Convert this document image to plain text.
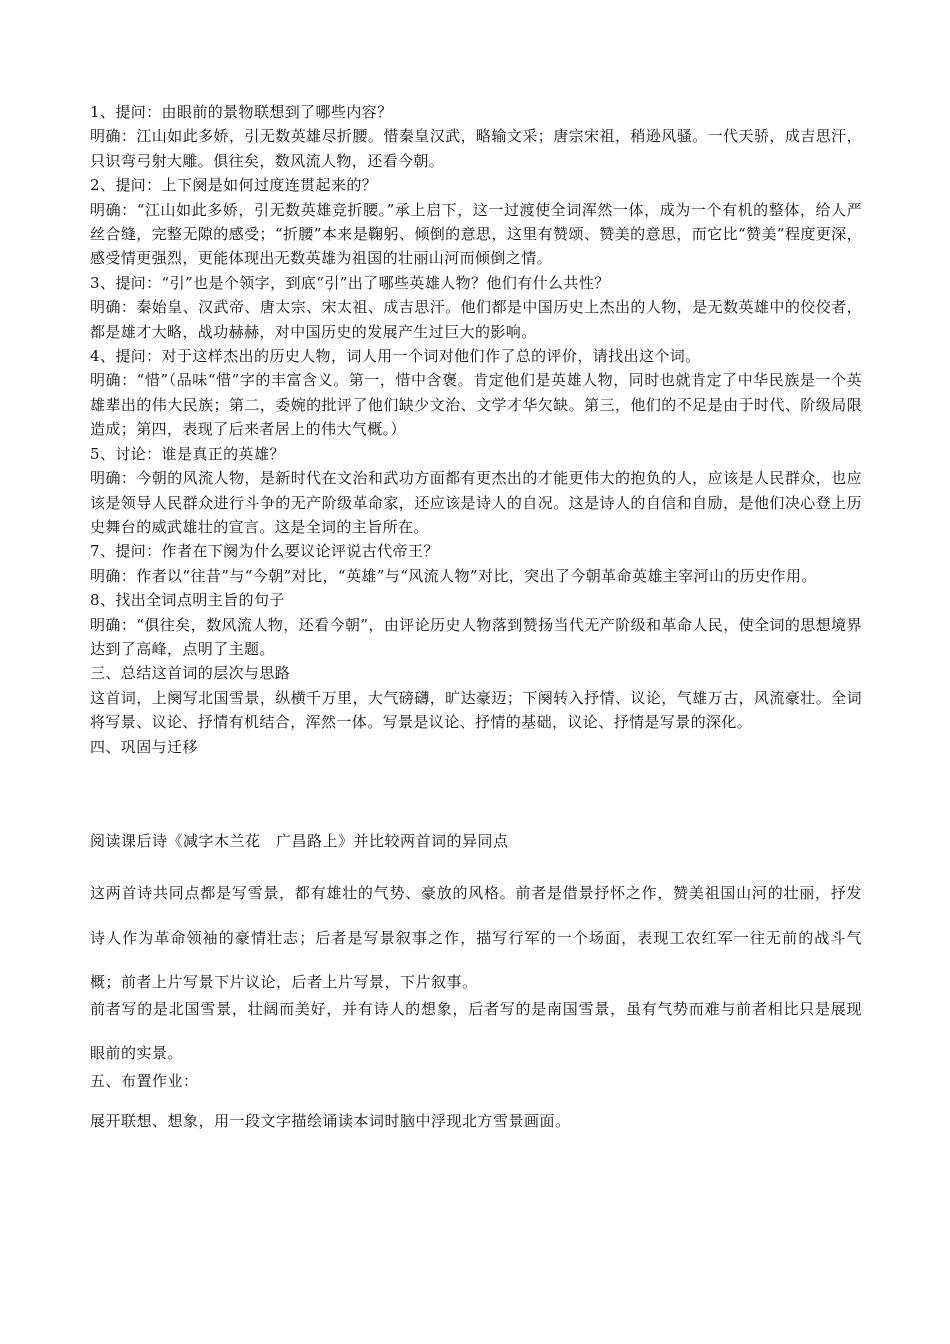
1、提问：由眼前的景物联想到了哪些内容？

明确：江山如此多娇，引无数英雄尽折腰。惜秦皇汉武，略输文采；唐宗宋祖，稍逊风骚。一代天骄，成吉思汗，只识弯弓射大雕。俱往矣，数风流人物，还看今朝。

2、提问：上下阕是如何过度连贯起来的？

明确：“江山如此多娇，引无数英雄竞折腰。”承上启下，这一过渡使全词浑然一体，成为一个有机的整体，给人严丝合缝，完整无隙的感受；“折腰”本来是鞠躬、倾倒的意思，这里有赞颂、赞美的意思，而它比“赞美”程度更深，感受情更强烈，更能体现出无数英雄为祖国的壮丽山河而倾倒之情。

3、提问：“引”也是个领字，到底“引”出了哪些英雄人物？他们有什么共性？

明确：秦始皇、汉武帝、唐太宗、宋太祖、成吉思汗。他们都是中国历史上杰出的人物，是无数英雄中的佼佼者，都是雄才大略，战功赫赫，对中国历史的发展产生过巨大的影响。

4、提问：对于这样杰出的历史人物，词人用一个词对他们作了总的评价，请找出这个词。

明确：“惜”（品味“惜”字的丰富含义。第一，惜中含褒。肯定他们是英雄人物，同时也就肯定了中华民族是一个英雄辈出的伟大民族；第二，委婉的批评了他们缺少文治、文学才华欠缺。第三，他们的不足是由于时代、阶级局限造成；第四，表现了后来者居上的伟大气概。）

5、讨论：谁是真正的英雄？

明确：今朝的风流人物，是新时代在文治和武功方面都有更杰出的才能更伟大的抱负的人，应该是人民群众，也应该是领导人民群众进行斗争的无产阶级革命家，还应该是诗人的自况。这是诗人的自信和自励，是他们决心登上历史舞台的威武雄壮的宣言。这是全词的主旨所在。

7、提问：作者在下阕为什么要议论评说古代帝王？

明确：作者以“往昔”与“今朝”对比，“英雄”与“风流人物”对比，突出了今朝革命英雄主宰河山的历史作用。

8、找出全词点明主旨的句子

明确：“俱往矣，数风流人物，还看今朝”，由评论历史人物落到赞扬当代无产阶级和革命人民，使全词的思想境界达到了高峰，点明了主题。

三、总结这首词的层次与思路

这首词，上阕写北国雪景，纵横千万里，大气磅礴，旷达豪迈；下阕转入抒情、议论，气雄万古，风流豪壮。全词将写景、议论、抒情有机结合，浑然一体。写景是议论、抒情的基础，议论、抒情是写景的深化。

四、巩固与迁移

阅读课后诗《减字木兰花　广昌路上》并比较两首词的异同点

这两首诗共同点都是写雪景，都有雄壮的气势、豪放的风格。前者是借景抒怀之作，赞美祖国山河的壮丽，抒发诗人作为革命领袖的豪情壮志；后者是写景叙事之作，描写行军的一个场面，表现工农红军一往无前的战斗气概；前者上片写景下片议论，后者上片写景，下片叙事。

前者写的是北国雪景，壮阔而美好，并有诗人的想象，后者写的是南国雪景，虽有气势而难与前者相比只是展现眼前的实景。

五、布置作业：

展开联想、想象，用一段文字描绘诵读本词时脑中浮现北方雪景画面。
